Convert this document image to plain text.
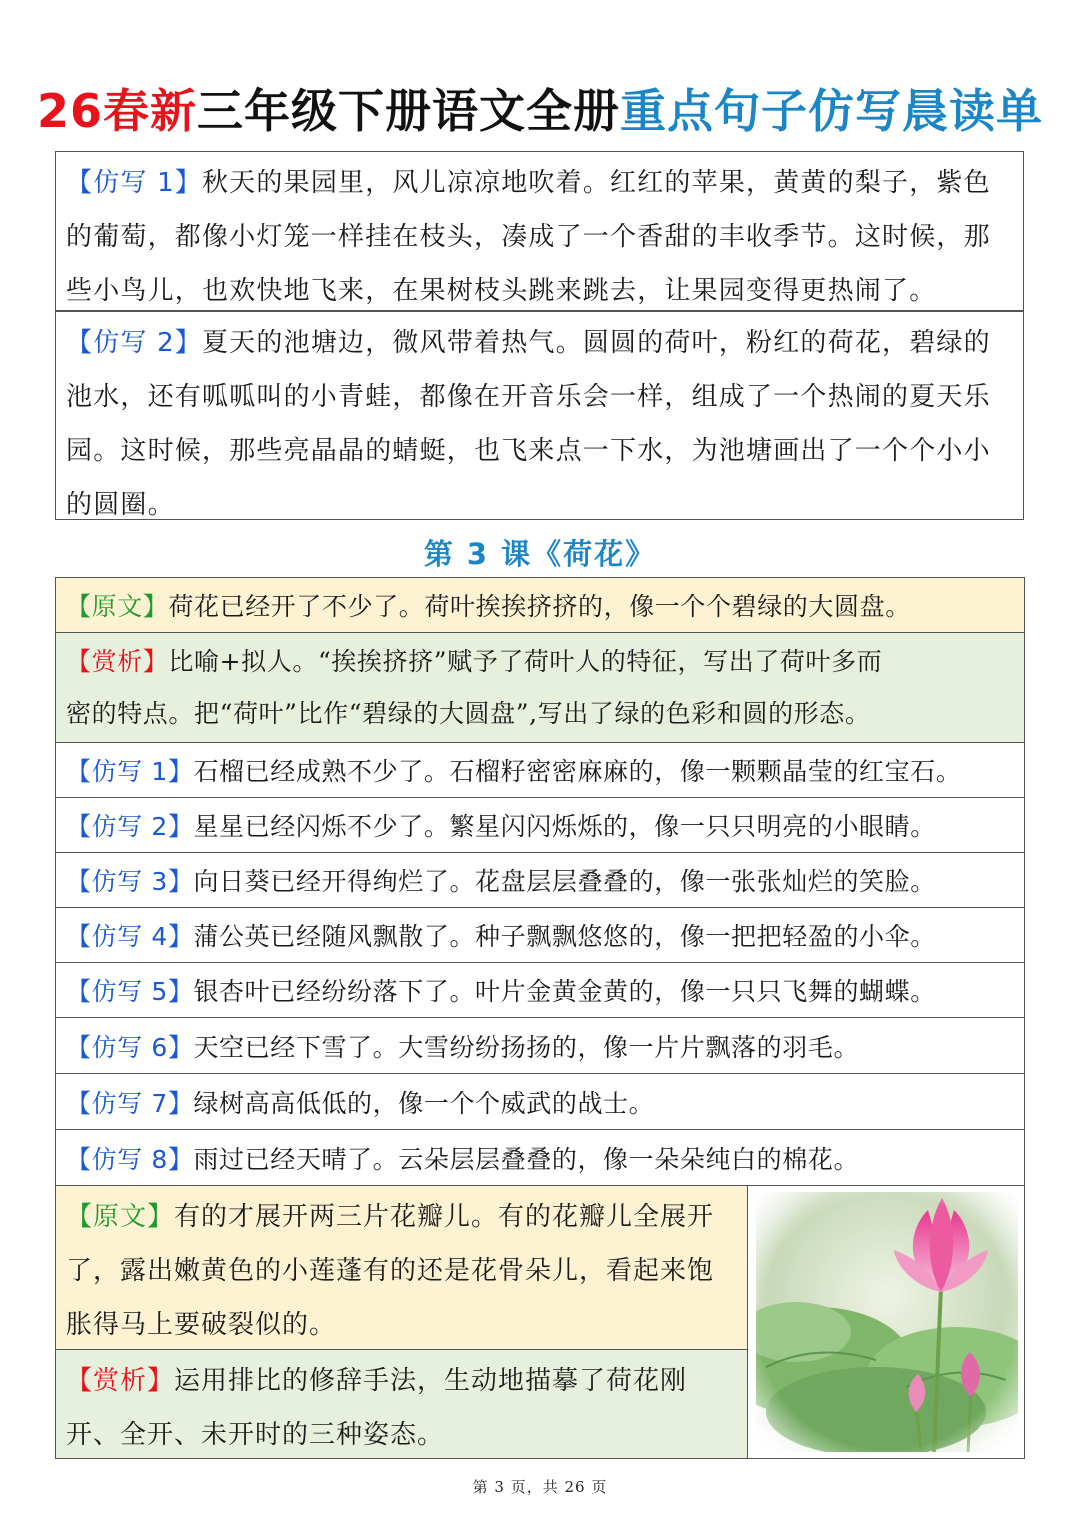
26春新三年级下册语文全册重点句子仿写晨读单
【仿写 1】秋天的果园里，风儿凉凉地吹着。红红的苹果，黄黄的梨子，紫色的葡萄，都像小灯笼一样挂在枝头，凑成了一个香甜的丰收季节。这时候，那些小鸟儿，也欢快地飞来，在果树枝头跳来跳去，让果园变得更热闹了。
【仿写 2】夏天的池塘边，微风带着热气。圆圆的荷叶，粉红的荷花，碧绿的池水，还有呱呱叫的小青蛙，都像在开音乐会一样，组成了一个热闹的夏天乐园。这时候，那些亮晶晶的蜻蜓，也飞来点一下水，为池塘画出了一个个小小的圆圈。
第 3 课《荷花》
【原文】荷花已经开了不少了。荷叶挨挨挤挤的，像一个个碧绿的大圆盘。
【赏析】比喻+拟人。“挨挨挤挤”赋予了荷叶人的特征，写出了荷叶多而
密的特点。把“荷叶”比作“碧绿的大圆盘”,写出了绿的色彩和圆的形态。
【仿写 1】石榴已经成熟不少了。石榴籽密密麻麻的，像一颗颗晶莹的红宝石。
【仿写 2】星星已经闪烁不少了。繁星闪闪烁烁的，像一只只明亮的小眼睛。
【仿写 3】向日葵已经开得绚烂了。花盘层层叠叠的，像一张张灿烂的笑脸。
【仿写 4】蒲公英已经随风飘散了。种子飘飘悠悠的，像一把把轻盈的小伞。
【仿写 5】银杏叶已经纷纷落下了。叶片金黄金黄的，像一只只飞舞的蝴蝶。
【仿写 6】天空已经下雪了。大雪纷纷扬扬的，像一片片飘落的羽毛。
【仿写 7】绿树高高低低的，像一个个威武的战士。
【仿写 8】雨过已经天晴了。云朵层层叠叠的，像一朵朵纯白的棉花。
【原文】有的才展开两三片花瓣儿。有的花瓣儿全展开了，露出嫩黄色的小莲蓬有的还是花骨朵儿，看起来饱胀得马上要破裂似的。
【赏析】运用排比的修辞手法，生动地描摹了荷花刚开、全开、未开时的三种姿态。
第 3 页，共 26 页
